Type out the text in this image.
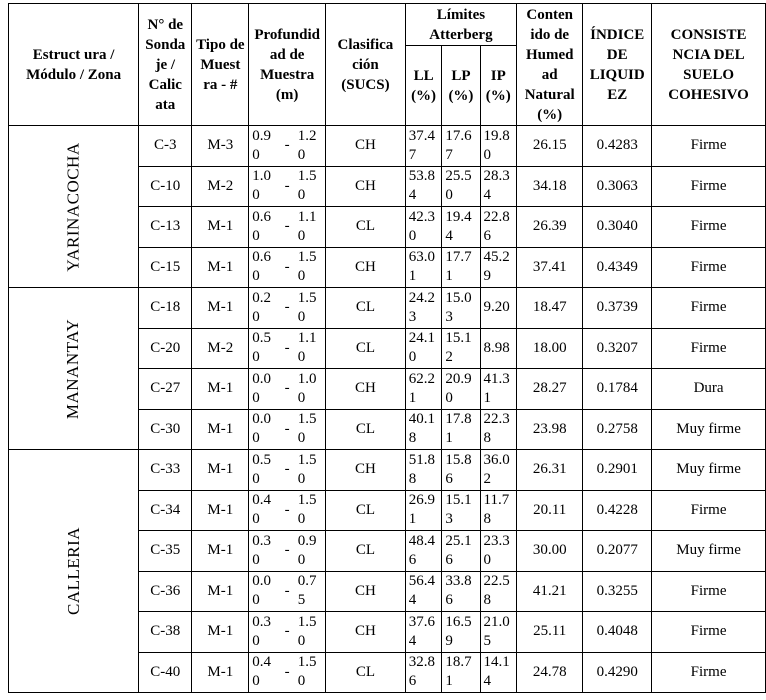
Estruct ura / Módulo / Zona	N° de Sonda je / Calic ata	Tipo de Muest ra - #	Profundid ad de Muestra (m)			Clasifica ción (SUCS)	Límites Atterberg			Conten ido de Humed ad Natural (%)	ÍNDICE DE LIQUID EZ	CONSISTE NCIA DEL SUELO COHESIVO
							LL (%)	LP (%)	IP (%)			
YARINACOCHA	C-3	M-3	0.90	-	1.20	CH	37.47	17.67	19.80	26.15	0.4283	Firme
	C-10	M-2	1.00	-	1.50	CH	53.84	25.50	28.34	34.18	0.3063	Firme
	C-13	M-1	0.60	-	1.10	CL	42.30	19.44	22.86	26.39	0.3040	Firme
	C-15	M-1	0.60	-	1.50	CH	63.01	17.71	45.29	37.41	0.4349	Firme
MANANTAY	C-18	M-1	0.20	-	1.50	CL	24.23	15.03	9.20	18.47	0.3739	Firme
	C-20	M-2	0.50	-	1.10	CL	24.10	15.12	8.98	18.00	0.3207	Firme
	C-27	M-1	0.00	-	1.00	CH	62.21	20.90	41.31	28.27	0.1784	Dura
	C-30	M-1	0.00	-	1.50	CL	40.18	17.81	22.38	23.98	0.2758	Muy firme
CALLERIA	C-33	M-1	0.50	-	1.50	CH	51.88	15.86	36.02	26.31	0.2901	Muy firme
	C-34	M-1	0.40	-	1.50	CL	26.91	15.13	11.78	20.11	0.4228	Firme
	C-35	M-1	0.30	-	0.90	CL	48.46	25.16	23.30	30.00	0.2077	Muy firme
	C-36	M-1	0.00	-	0.75	CH	56.44	33.86	22.58	41.21	0.3255	Firme
	C-38	M-1	0.30	-	1.50	CH	37.64	16.59	21.05	25.11	0.4048	Firme
	C-40	M-1	0.40	-	1.50	CL	32.86	18.71	14.14	24.78	0.4290	Firme
